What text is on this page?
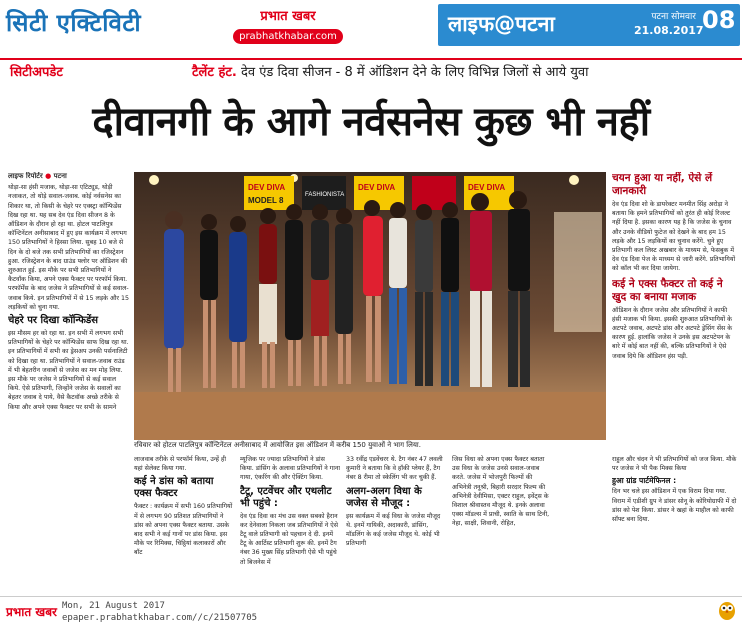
सिटी एक्टिविटी	प्रभात खबर
prabhatkhabar.com
लाइफ@पटना	पटना सोमवार
21.08.2017
08
सिटीअपडेट	टैलेंट हंट. देव एंड दिवा सीजन - 8 में ऑडिशन देने के लिए विभिन्न जिलों से आये युवा
दीवानगी के आगे नर्वसनेस कुछ भी नहीं
लाइफ रिपोर्टर ● पटना

थोड़ा-सा हंसी मजाक, थोड़ा-सा एटिट्यूड, थोड़ी नजाकत, तो थोड़े सवाल-जवाब. कोई नर्वसनेस का शिकार था, तो किसी के चेहरे पर एक्स्ट्रा कॉन्फिडेंस दिख रहा था. यह सब देव एंड दिवा सीजन 8 के ऑडिशन के दौरान हो रहा था. होटल पाटलिपुत्र कॉन्टिनेंटल अनीसाबाद में हुए इस कार्यक्रम में लगभग 150 प्रतिभागियों ने हिस्सा लिया. सुबह 10 बजे से दिन के दो बजे तक सभी प्रतिभागियों का रजिस्ट्रेशन हुआ. रजिस्ट्रेशन के बाद ग्राउंड फ्लोर पर ऑडिशन की शुरुआत हुई. इस मौके पर सभी प्रतिभागियों ने कैटवॉक किया, अपने एक्स फैक्टर पर परफॉर्म किया. परफॉर्मेंस के बाद जजेस ने प्रतिभागियों से कई सवाल-जवाब किये. इन प्रतिभागियों में से 15 लड़के और 15 लड़कियों को चुना गया.

चेहरे पर दिखा कॉन्फिडेंस

इस मौसम हर को रहा था. इन सभी में लगभग सभी प्रतिभागियों के चेहरे पर कॉन्फिडेंस साफ दिख रहा था. इन प्रतिभागियों में सभी का ड्रेसअप उनकी पर्सनालिटी को दिखा रहा था. प्रतिभागियों ने सवाल-जवाब राउंड में भी बेहतरीन जवाबों से जजेस का मन मोह लिया. इस मौके पर जजेस ने प्रतिभागियों से कई सवाल किये. ऐसे प्रतिभागी, जिन्होंने जजेस के सवालों का बेहतर जवाब दे पाये, वैसे कैटवॉक अच्छे तरीके से किया और अपने एक्स फैक्टर पर सभी के सामने

DEV DIVA
MODEL 8
FASHIONISTA
DEV DIVA	DEV DIVA
रविवार को होटल पाटलिपुत्र कॉन्टिनेंटल अनीसाबाद में आयोजित इस ऑडिशन में करीब 150 युवाओं ने भाग लिया.

लाजवाब तरीके से परफॉर्म किया, उन्हें ही यहां सेलेक्ट किया गया.

कई ने डांस को बताया एक्स फैक्टर

फैक्टर : कार्यक्रम में सभी 160 प्रतिभागियों में से लगभग 90 प्रतिशत प्रतिभागियों ने डांस को अपना एक्स फैक्टर बताया. उसके बाद सभी ने कई गानों पर डांस किया. इस मौके पर रिमिक्स, चिट्ठियां कलाकारों और बॉट

म्यूजिक पर ज्यादा प्रतिभागियों ने डांस किया. डांसिंग के अलावा प्रतिभागियों ने गाना गाया, एंकरिंग की और ऐक्टिंग किया.

टैटू, एटवेंचर और एथलीट भी पहुंचे :

देव एंड दिवा का मंच उस वक्त सबको हैरान कर देनेवाला निकला जब प्रतिभागियों ने ऐसे टैटू वाले प्रतिभागी को पहचान दे दी. इनमें टैटू के आर्टिस्ट प्रतिभागी शुरू की. इनमें टैग नंबर 36 मुख्य सिंह प्रतिभागी ऐसे भी पहुंचे तो बिजनेस में

33 रवींद्र एडवेंचरर थे. टैग नंबर 47 लवली कुमारी ने बताया कि वे हॉकी प्लेयर हैं, टैग नंबर 8 रीमा तो स्केलिंग भी कर चुकी हैं.

अलग-अलग विधा के जजेस से मौजूद :

इस कार्यक्रम में कई विधा के जजेस मौजूद थे. इनमें गायिकी, अदाकारी, डांसिंग, मॉडलिंग के कई जजेस मौजूद थे. कोई भी प्रतिभागी

जिस विधा को अपना एक्स फैक्टर बताता उस विधा के जजेस उनसे सवाल-जवाब करते. जजेस में भोजपुरी फिल्मों की अभिनेत्री तनूश्री, बिहारी सरदार फिल्म की अभिनेत्री देवीमिसा, एक्टर राहुल, इवेंट्स के विशाल श्रीवास्तव मौजूद थे. इनके अलावा एक्स मॉडल्स में प्राची, स्वाति के साथ टिनी, नेहा, साक्षी, शिवानी, रोहित,

राहुल और चंदन ने भी प्रतिभागियों को जज किया. मौके पर जजेस ने भी पैक मिक्स किया

हुआ ग्रांड पार्टमेफिनल :

दिन भर चले इस ऑडिशन में एक विराम दिया गया. विराम में एडीशी ग्रुप ने डांसर सोनू के कोरियोग्राफी में दो डांस को पेश किया. डांसर ने खहां के माहौल को काफी सॉफ्ट बना दिया.

चयन हुआ या नहीं, ऐसे लें जानकारी

देव एंड दिवा शो के डायरेक्टर मनमीत सिंह अरोड़ा ने बताया कि हमने प्रतिभागियों को तुरंत ही कोई रिजल्ट नहीं दिया है. इसका कारण यह है कि जजेस के चुनाव और उनके वीडियो फुटेज को देखने के बाद हम 15 लड़के और 15 लड़कियों का चुनाव करेंगे. चुने हुए प्रतिभागी कल लिस्ट अखबार के माध्यम से, फेसबुक में देव एंड दिवा पेज के माध्यम से जारी करेंगे. प्रतिभागियों को कॉल भी कर दिया जायेगा.

कई ने एक्स फैक्टर तो कई ने खुद का बनाया मजाक

ऑडिशन के दौरान जजेस और प्रतिभागियों ने काफी हंसी मजाक भी किया. इसकी शुरुआत प्रतिभागियों के अटपटे जवाब, अटपटे डांस और अटपटे ड्रेसिंग सेंस के कारण हुई. हालांकि जजेस ने उनके इस अटपटेपन के बारे में कोई बात नहीं की, बल्कि प्रतिभागियों ने ऐसे जवाब दिये कि ऑडिशन हंस पड़ी.

प्रभात खबर Mon, 21 August 2017
epaper.prabhatkhabar.com//c/21507705
